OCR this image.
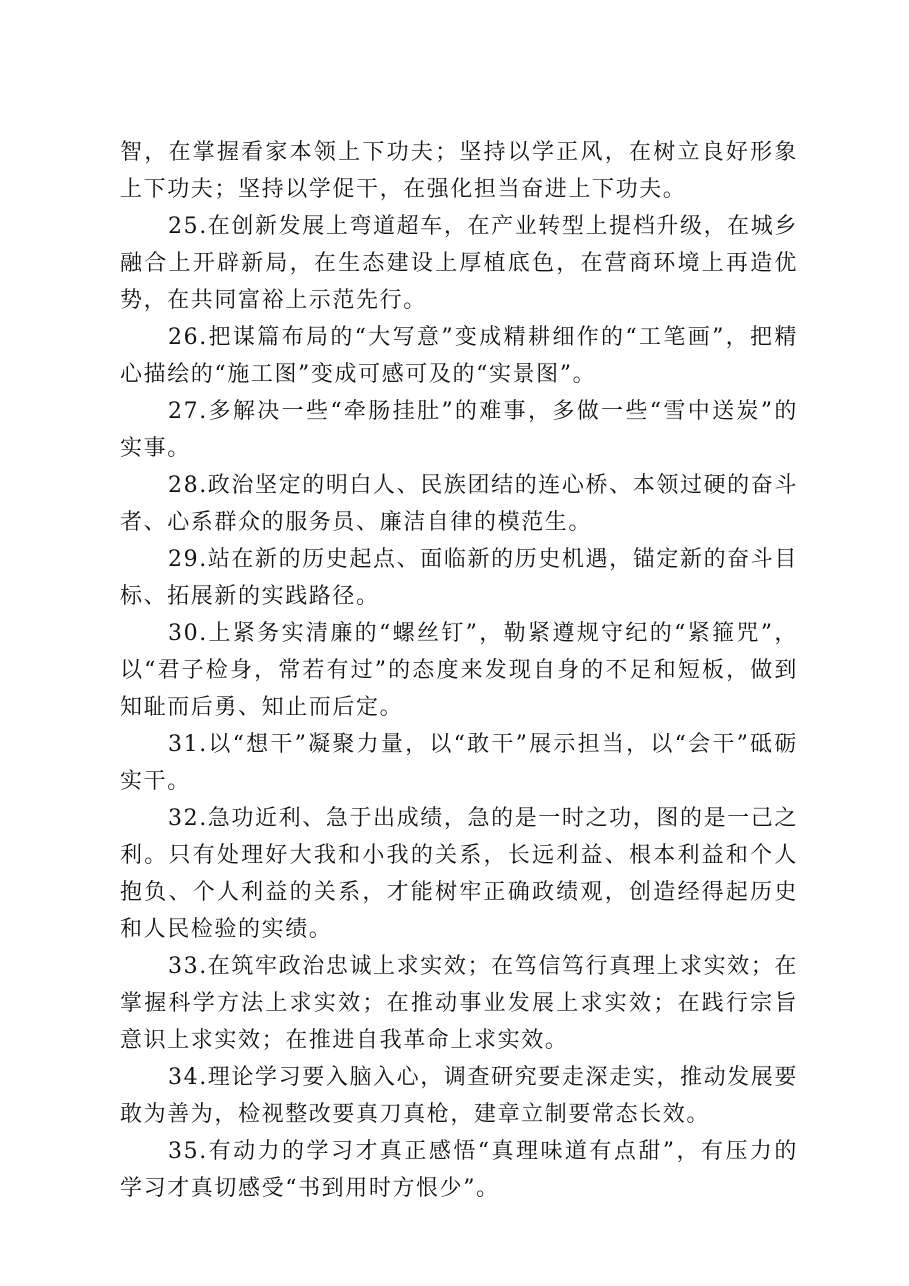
智，在掌握看家本领上下功夫；坚持以学正风，在树立良好形象上下功夫；坚持以学促干，在强化担当奋进上下功夫。

25.在创新发展上弯道超车，在产业转型上提档升级，在城乡融合上开辟新局，在生态建设上厚植底色，在营商环境上再造优势，在共同富裕上示范先行。

26.把谋篇布局的“大写意”变成精耕细作的“工笔画”，把精心描绘的“施工图”变成可感可及的“实景图”。

27.多解决一些“牵肠挂肚”的难事，多做一些“雪中送炭”的实事。

28.政治坚定的明白人、民族团结的连心桥、本领过硬的奋斗者、心系群众的服务员、廉洁自律的模范生。

29.站在新的历史起点、面临新的历史机遇，锚定新的奋斗目标、拓展新的实践路径。

30.上紧务实清廉的“螺丝钉”，勒紧遵规守纪的“紧箍咒”，以“君子检身，常若有过”的态度来发现自身的不足和短板，做到知耻而后勇、知止而后定。

31.以“想干”凝聚力量，以“敢干”展示担当，以“会干”砥砺实干。

32.急功近利、急于出成绩，急的是一时之功，图的是一己之利。只有处理好大我和小我的关系，长远利益、根本利益和个人抱负、个人利益的关系，才能树牢正确政绩观，创造经得起历史和人民检验的实绩。

33.在筑牢政治忠诚上求实效；在笃信笃行真理上求实效；在掌握科学方法上求实效；在推动事业发展上求实效；在践行宗旨意识上求实效；在推进自我革命上求实效。

34.理论学习要入脑入心，调查研究要走深走实，推动发展要敢为善为，检视整改要真刀真枪，建章立制要常态长效。

35.有动力的学习才真正感悟“真理味道有点甜”，有压力的学习才真切感受“书到用时方恨少”。
